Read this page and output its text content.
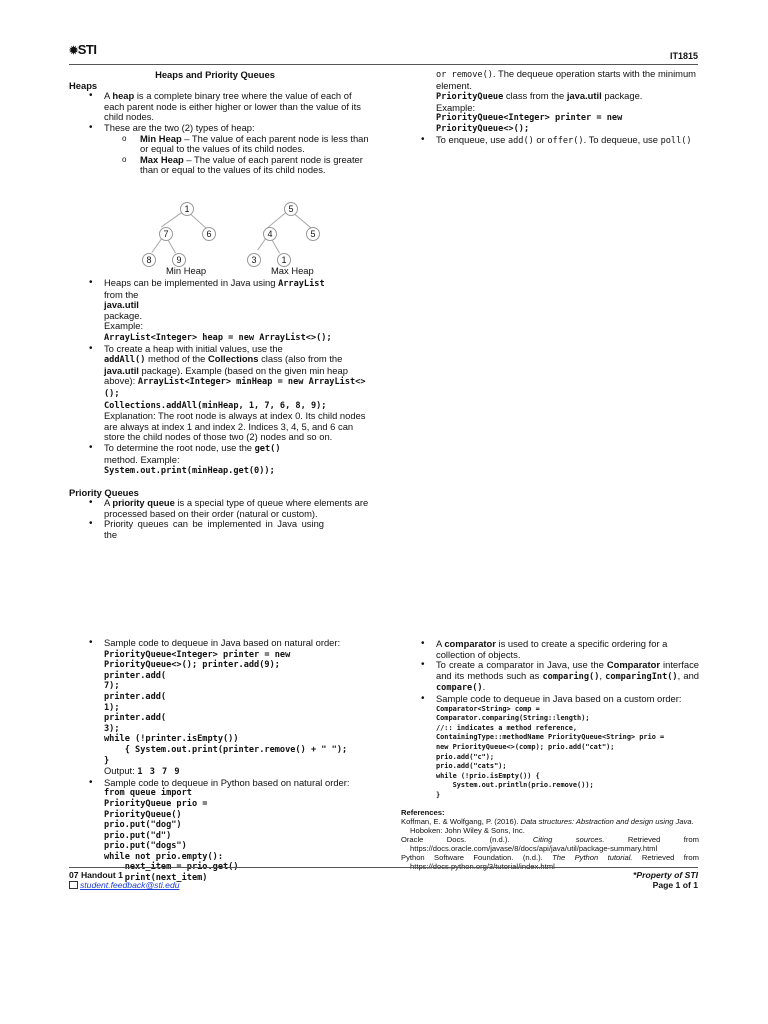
✹STI	IT1815
Heaps and Priority Queues
Heaps
• A heap is a complete binary tree where the value of each of each parent node is either higher or lower than the value of its child nodes.
• These are the two (2) types of heap:
o Min Heap – The value of each parent node is less than or equal to the values of its child nodes.
o Max Heap – The value of each parent node is greater than or equal to the values of its child nodes.
1
7	6
8	9
5
4	5
3	1
Min Heap	Max Heap
• Heaps can be implemented in Java using ArrayList
from the
java.util
package.
Example:
ArrayList<Integer> heap = new ArrayList<>();
• To create a heap with initial values, use the
addAll() method of the Collections class (also from the java.util package). Example (based on the given min heap above): ArrayList<Integer> minHeap = new ArrayList<>();
Collections.addAll(minHeap, 1, 7, 6, 8, 9);
Explanation: The root node is always at index 0. Its child nodes are always at index 1 and index 2. Indices 3, 4, 5, and 6 can store the child nodes of those two (2) nodes and so on.
• To determine the root node, use the get()
method. Example:
System.out.print(minHeap.get(0));
Priority Queues
• A priority queue is a special type of queue where elements are processed based on their order (natural or custom).
• Priority queues can be implemented in Java using the
or remove(). The dequeue operation starts with the minimum element.
PriorityQueue class from the java.util package.
Example:
PriorityQueue<Integer> printer = new PriorityQueue<>();
• To enqueue, use add() or offer(). To dequeue, use poll()
• Sample code to dequeue in Java based on natural order: PriorityQueue<Integer> printer = new
PriorityQueue<>(); printer.add(9);
printer.add(
7);
printer.add(
1);
printer.add(
3);
while (!printer.isEmpty())
{ System.out.print(printer.remove() + " ");
}
Output: 1 3 7 9
• Sample code to dequeue in Python based on natural order:
from queue import
PriorityQueue prio =
PriorityQueue()
prio.put("dog")
prio.put("d")
prio.put("dogs")
while not prio.empty():
print(next_item)
• A comparator is used to create a specific ordering for a collection of objects.
• To create a comparator in Java, use the Comparator interface and its methods such as comparing(), comparingInt(), and compare().
• Sample code to dequeue in Java based on a custom order:
Comparator<String> comp =
Comparator.comparing(String::length);
//:: indicates a method reference,
ContainingType::methodName PriorityQueue<String> prio =
new PriorityQueue<>(comp); prio.add("cat");
prio.add("c");
prio.add("cats");
while (!prio.isEmpty()) {
System.out.println(prio.remove());
}
References:
Koffman, E. & Wolfgang, P. (2016). Data structures: Abstraction and design using Java.
Hoboken: John Wiley & Sons, Inc.
Oracle Docs. (n.d.). Citing sources. Retrieved from https://docs.oracle.com/javase/8/docs/api/java/util/package-summary.html
Python Software Foundation. (n.d.). The Python tutorial. Retrieved from
07 Handout 1
student.feedback@sti.edu
*Property of STI
Page 1 of 1
